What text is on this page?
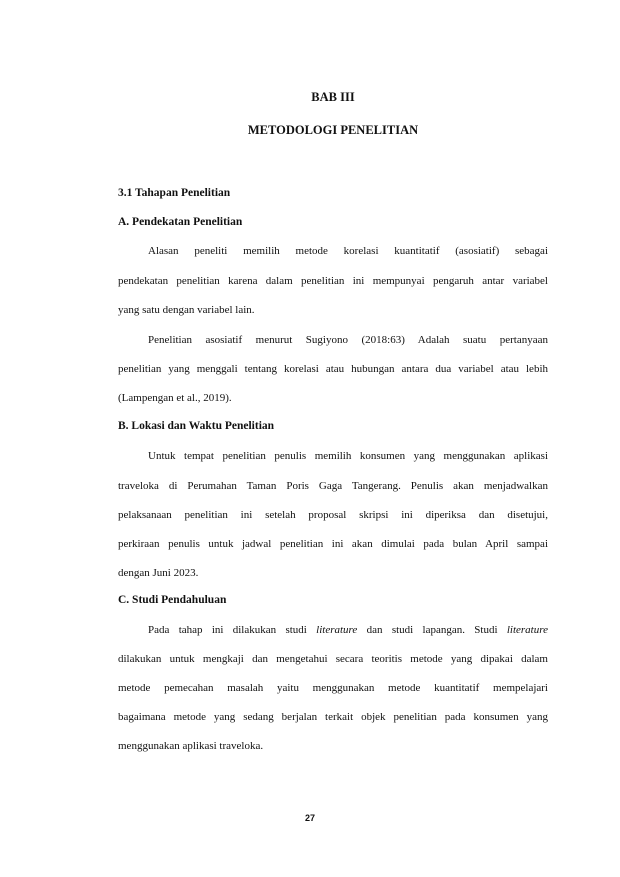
BAB III
METODOLOGI PENELITIAN
3.1 Tahapan Penelitian
A. Pendekatan Penelitian
Alasan peneliti memilih metode korelasi kuantitatif (asosiatif) sebagai
pendekatan penelitian karena dalam penelitian ini mempunyai pengaruh antar variabel
yang satu dengan variabel lain.
Penelitian asosiatif menurut Sugiyono (2018:63) Adalah suatu pertanyaan
penelitian yang menggali tentang korelasi atau hubungan antara dua variabel atau lebih
(Lampengan et al., 2019).
B. Lokasi dan Waktu Penelitian
Untuk tempat penelitian penulis memilih konsumen yang menggunakan aplikasi
traveloka di Perumahan Taman Poris Gaga Tangerang. Penulis akan menjadwalkan
pelaksanaan penelitian ini setelah proposal skripsi ini diperiksa dan disetujui,
perkiraan penulis untuk jadwal penelitian ini akan dimulai pada bulan April sampai
dengan Juni 2023.
C. Studi Pendahuluan
Pada tahap ini dilakukan studi literature dan studi lapangan. Studi literature
dilakukan untuk mengkaji dan mengetahui secara teoritis metode yang dipakai dalam
metode pemecahan masalah yaitu menggunakan metode kuantitatif mempelajari
bagaimana metode yang sedang berjalan terkait objek penelitian pada konsumen yang
menggunakan aplikasi traveloka.
27
